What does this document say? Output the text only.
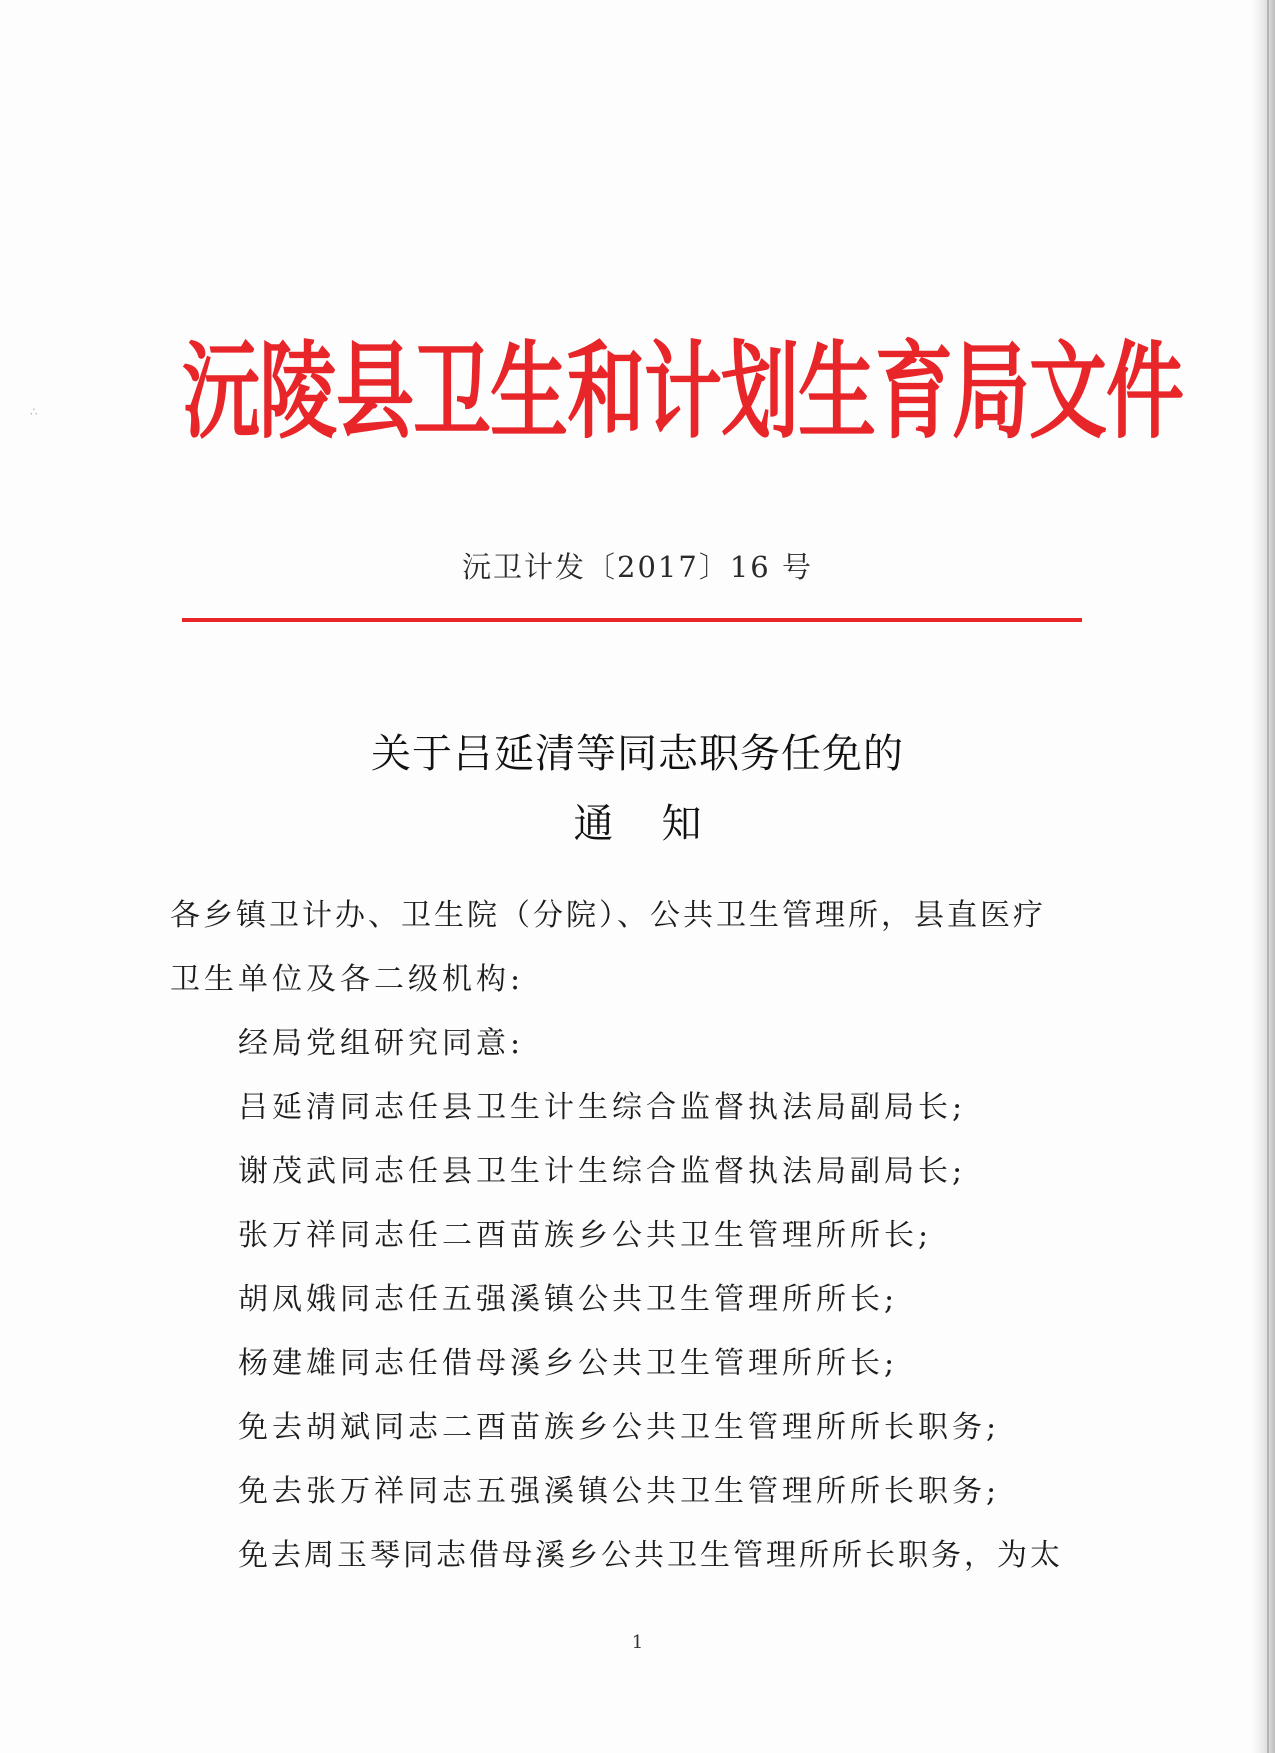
∴	沅陵县卫生和计划生育局文件
沅卫计发〔2017〕16 号
关于吕延清等同志职务任免的
通 知
各乡镇卫计办、卫生院（分院）、公共卫生管理所，县直医疗
卫生单位及各二级机构:
经局党组研究同意:
吕延清同志任县卫生计生综合监督执法局副局长;
谢茂武同志任县卫生计生综合监督执法局副局长;
张万祥同志任二酉苗族乡公共卫生管理所所长;
胡凤娥同志任五强溪镇公共卫生管理所所长;
杨建雄同志任借母溪乡公共卫生管理所所长;
免去胡斌同志二酉苗族乡公共卫生管理所所长职务;
免去张万祥同志五强溪镇公共卫生管理所所长职务;
免去周玉琴同志借母溪乡公共卫生管理所所长职务，为太
1
